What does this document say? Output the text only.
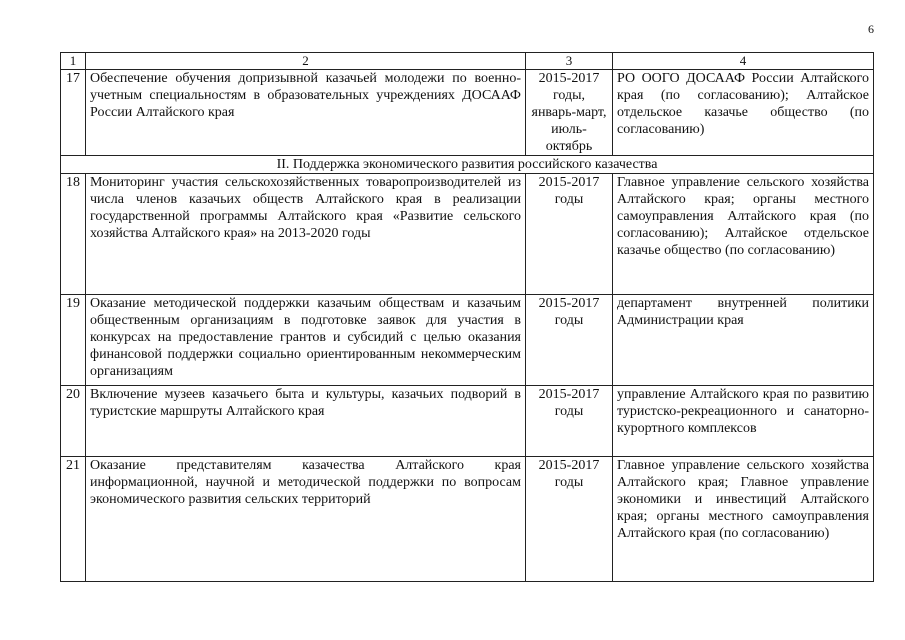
6
1	2	3	4
17	Обеспечение обучения допризывной казачьей молодежи по военно-учетным специальностям в образовательных учреждениях ДОСААФ России Алтайского края	2015-2017 годы, январь-март, июль-октябрь	РО ООГО ДОСААФ России Алтайского края (по согласованию); Алтайское отдельское казачье общество (по согласованию)
II. Поддержка экономического развития российского казачества			
18	Мониторинг участия сельскохозяйственных товаропроизводителей из числа членов казачьих обществ Алтайского края в реализации государственной программы Алтайского края «Развитие сельского хозяйства Алтайского края» на 2013-2020 годы	2015-2017 годы	Главное управление сельского хозяйства Алтайского края; органы местного самоуправления Алтайского края (по согласованию); Алтайское отдельское казачье общество (по согласованию)
19	Оказание методической поддержки казачьим обществам и казачьим общественным организациям в подготовке заявок для участия в конкурсах на предоставление грантов и субсидий с целью оказания финансовой поддержки социально ориентированным некоммерческим организациям	2015-2017 годы	департамент внутренней политики Администрации края
20	Включение музеев казачьего быта и культуры, казачьих подворий в туристские маршруты Алтайского края	2015-2017 годы	управление Алтайского края по развитию туристско-рекреационного и санаторно-курортного комплексов
21	Оказание представителям казачества Алтайского края информационной, научной и методической поддержки по вопросам экономического развития сельских территорий	2015-2017 годы	Главное управление сельского хозяйства Алтайского края; Главное управление экономики и инвестиций Алтайского края; органы местного самоуправления Алтайского края (по согласованию)
